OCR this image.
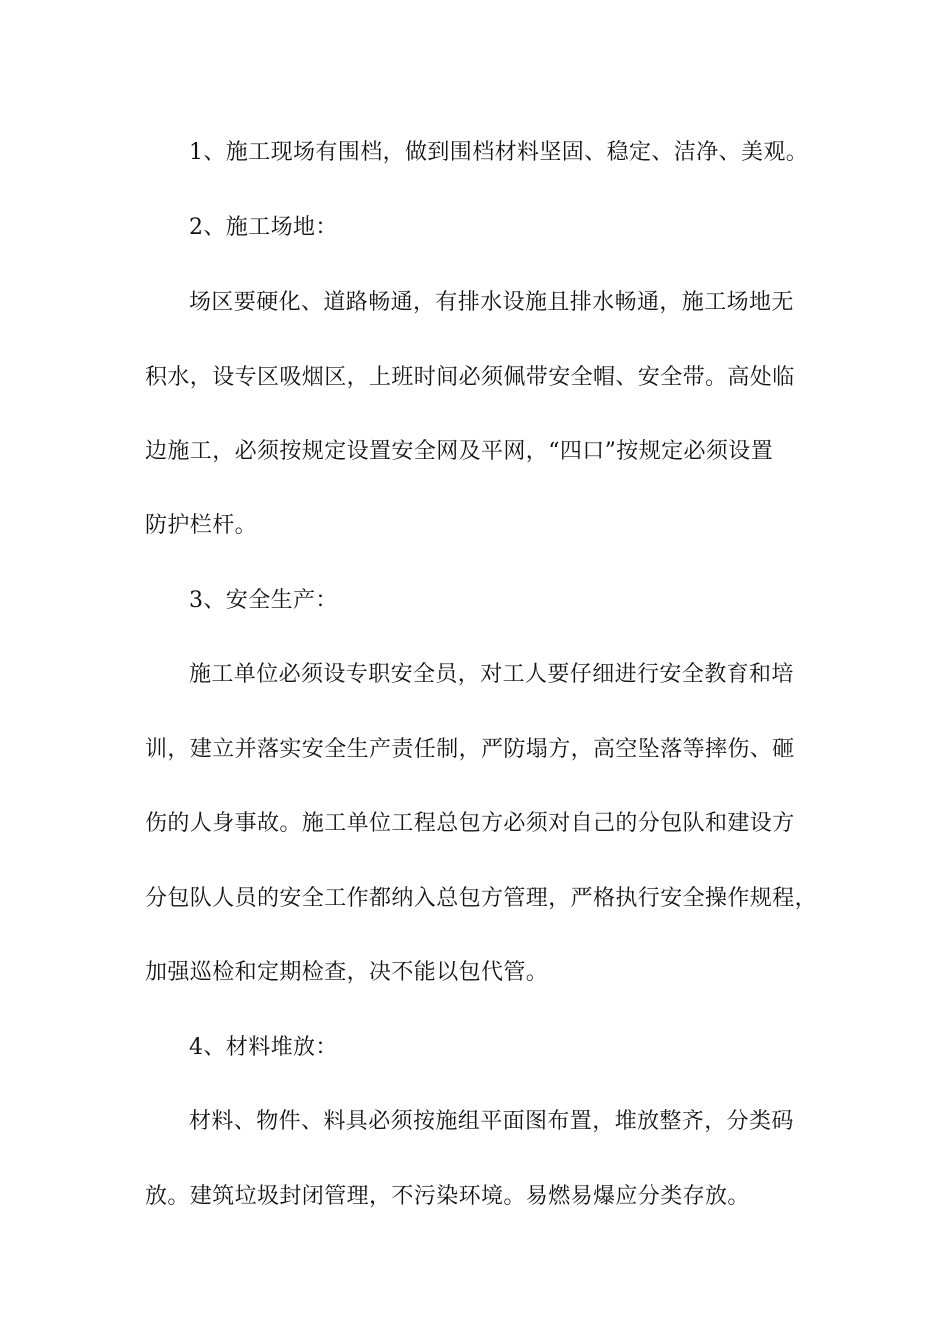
1、施工现场有围档，做到围档材料坚固、稳定、洁净、美观。
2、施工场地：
场区要硬化、道路畅通，有排水设施且排水畅通，施工场地无
积水，设专区吸烟区，上班时间必须佩带安全帽、安全带。高处临
边施工，必须按规定设置安全网及平网，“四口”按规定必须设置
防护栏杆。
3、安全生产：
施工单位必须设专职安全员，对工人要仔细进行安全教育和培
训，建立并落实安全生产责任制，严防塌方，高空坠落等摔伤、砸
伤的人身事故。施工单位工程总包方必须对自己的分包队和建设方
分包队人员的安全工作都纳入总包方管理，严格执行安全操作规程，
加强巡检和定期检查，决不能以包代管。
4、材料堆放：
材料、物件、料具必须按施组平面图布置，堆放整齐，分类码
放。建筑垃圾封闭管理，不污染环境。易燃易爆应分类存放。
